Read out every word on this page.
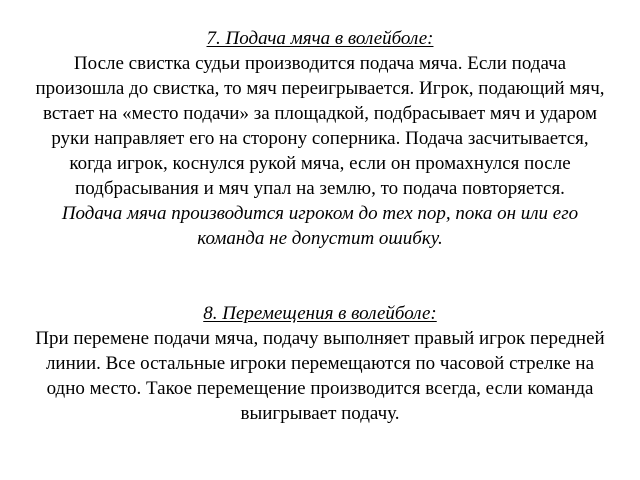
7. Подача мяча в волейболе:

После свистка судьи производится подача мяча. Если подача произошла до свистка, то мяч переигрывается. Игрок, подающий мяч, встает на «место подачи» за площадкой, подбрасывает мяч и ударом руки направляет его на сторону соперника. Подача засчитывается, когда игрок, коснулся рукой мяча, если он промахнулся после подбрасывания и мяч упал на землю, то подача повторяется.

Подача мяча производится игроком до тех пор, пока он или его команда не допустит ошибку.

8. Перемещения в волейболе:

При перемене подачи мяча, подачу выполняет правый игрок передней линии. Все остальные игроки перемещаются по часовой стрелке на одно место. Такое перемещение производится всегда, если команда выигрывает подачу.
